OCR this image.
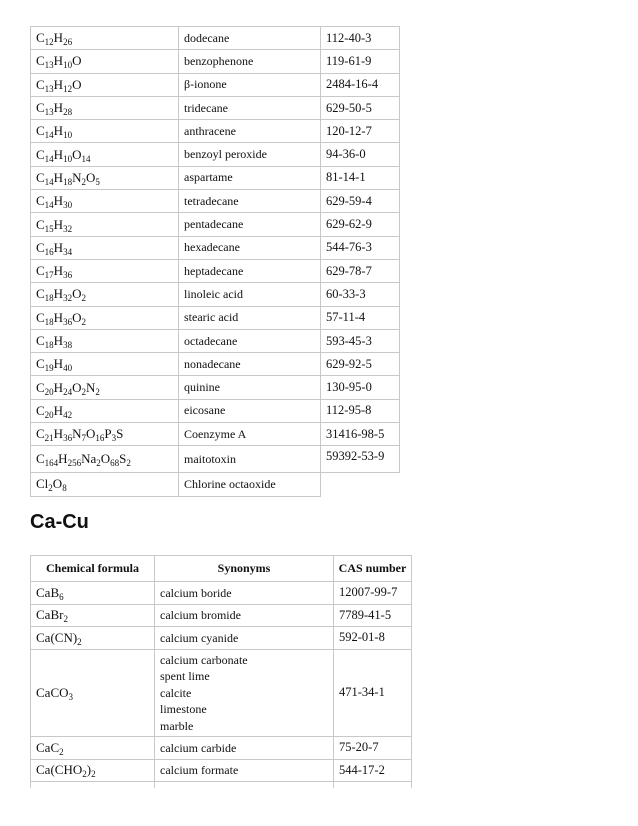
$C_{12}H_{26}$	dodecane	112-40-3
$C_{13}H_{10}O$	benzophenone	119-61-9
$C_{13}H_{12}O$	β-ionone	2484-16-4
$C_{13}H_{28}$	tridecane	629-50-5
$C_{14}H_{10}$	anthracene	120-12-7
$C_{14}H_{10}O_{14}$	benzoyl peroxide	94-36-0
$C_{14}H_{18}N_2O_5$	aspartame	81-14-1
$C_{14}H_{30}$	tetradecane	629-59-4
$C_{15}H_{32}$	pentadecane	629-62-9
$C_{16}H_{34}$	hexadecane	544-76-3
$C_{17}H_{36}$	heptadecane	629-78-7
$C_{18}H_{32}O_2$	linoleic acid	60-33-3
$C_{18}H_{36}O_2$	stearic acid	57-11-4
$C_{18}H_{38}$	octadecane	593-45-3
$C_{19}H_{40}$	nonadecane	629-92-5
$C_{20}H_{24}O_2N_2$	quinine	130-95-0
$C_{20}H_{42}$	eicosane	112-95-8
$C_{21}H_{36}N_7O_{16}P_3S$	Coenzyme A	31416-98-5
$C_{164}H_{256}Na_2O_{68}S_2$	maitotoxin	59392-53-9
$Cl_2O_8$	Chlorine octaoxide	
Ca-Cu
Chemical formula	Synonyms	CAS number
CaB$_6$	calcium boride	12007-99-7
CaBr$_2$	calcium bromide	7789-41-5
$Ca(CN)_2$	calcium cyanide	592-01-8
CaCO$_3$	calcium carbonate
spent lime
calcite
limestone
marble	471-34-1
CaC$_2$	calcium carbide	75-20-7
$Ca(CHO_2)_2$	calcium formate	544-17-2
